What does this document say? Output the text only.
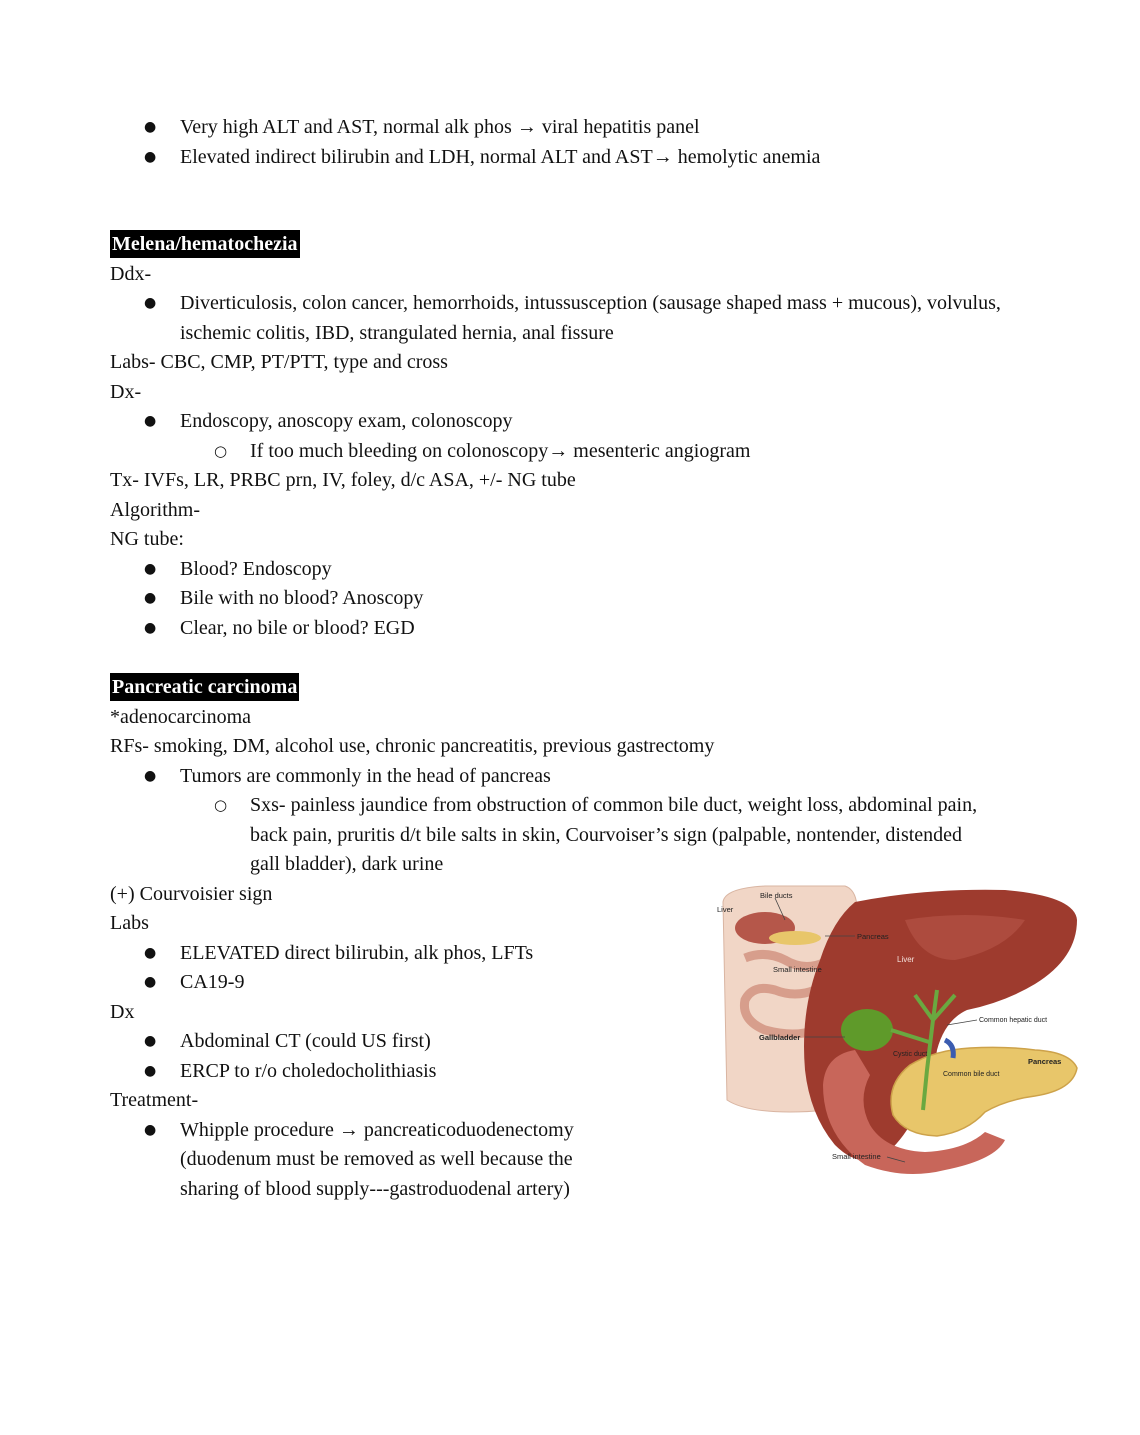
● Very high ALT and AST, normal alk phos → viral hepatitis panel

● Elevated indirect bilirubin and LDH, normal ALT and AST→ hemolytic anemia

Melena/hematochezia

Ddx-

● Diverticulosis, colon cancer, hemorrhoids, intussusception (sausage shaped mass + mucous), volvulus, ischemic colitis, IBD, strangulated hernia, anal fissure

Labs- CBC, CMP, PT/PTT, type and cross

Dx-

● Endoscopy, anoscopy exam, colonoscopy

○ If too much bleeding on colonoscopy→ mesenteric angiogram

Tx- IVFs, LR, PRBC prn, IV, foley, d/c ASA, +/- NG tube

Algorithm-

NG tube:

● Blood? Endoscopy

● Bile with no blood? Anoscopy

● Clear, no bile or blood? EGD

Pancreatic carcinoma

*adenocarcinoma

RFs- smoking, DM, alcohol use, chronic pancreatitis, previous gastrectomy

● Tumors are commonly in the head of pancreas

○ Sxs- painless jaundice from obstruction of common bile duct, weight loss, abdominal pain, back pain, pruritis d/t bile salts in skin, Courvoiser’s sign (palpable, nontender, distended gall bladder), dark urine

(+) Courvoisier sign

Labs

● ELEVATED direct bilirubin, alk phos, LFTs

● CA19-9

Dx

● Abdominal CT (could US first)

● ERCP to r/o choledocholithiasis

Treatment-

● Whipple procedure → pancreaticoduodenectomy (duodenum must be removed as well because the sharing of blood supply---gastroduodenal artery)

Bile ducts
Liver
Pancreas
Small intestine
Gallbladder
Liver
Common hepatic duct
Cystic duct
Common bile duct
Pancreas
Small intestine
